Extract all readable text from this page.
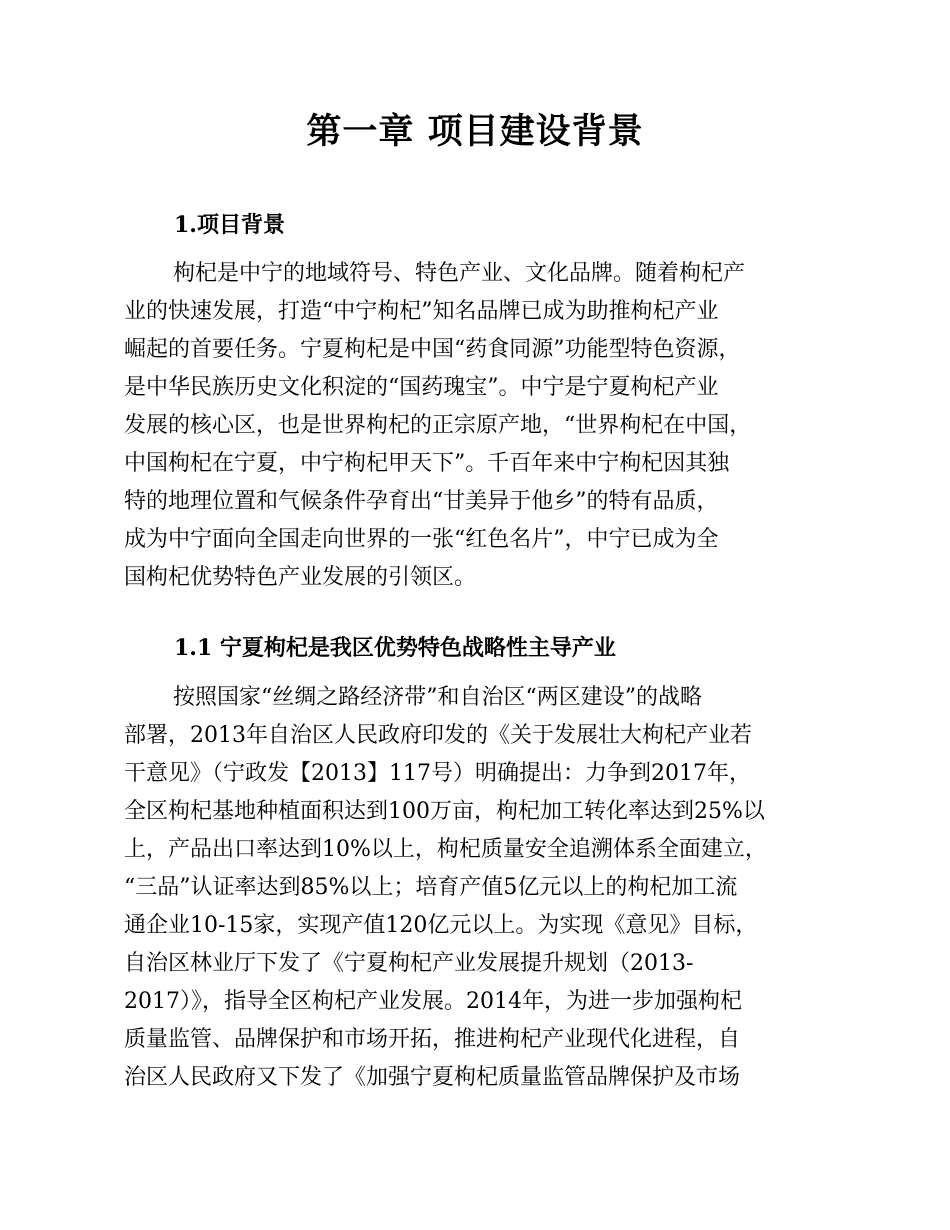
第一章 项目建设背景
1.项目背景
枸杞是中宁的地域符号、特色产业、文化品牌。随着枸杞产
业的快速发展，打造“中宁枸杞”知名品牌已成为助推枸杞产业
崛起的首要任务。宁夏枸杞是中国“药食同源”功能型特色资源，
是中华民族历史文化积淀的“国药瑰宝”。中宁是宁夏枸杞产业
发展的核心区，也是世界枸杞的正宗原产地，“世界枸杞在中国，
中国枸杞在宁夏，中宁枸杞甲天下”。千百年来中宁枸杞因其独
特的地理位置和气候条件孕育出“甘美异于他乡”的特有品质，
成为中宁面向全国走向世界的一张“红色名片”，中宁已成为全
国枸杞优势特色产业发展的引领区。
1.1 宁夏枸杞是我区优势特色战略性主导产业
按照国家“丝绸之路经济带”和自治区“两区建设”的战略
部署，2013年自治区人民政府印发的《关于发展壮大枸杞产业若
干意见》（宁政发【2013】117号）明确提出：力争到2017年，
全区枸杞基地种植面积达到100万亩，枸杞加工转化率达到25%以
上，产品出口率达到10%以上，枸杞质量安全追溯体系全面建立，
“三品”认证率达到85%以上；培育产值5亿元以上的枸杞加工流
通企业10-15家，实现产值120亿元以上。为实现《意见》目标，
自治区林业厅下发了《宁夏枸杞产业发展提升规划（2013-
2017）》，指导全区枸杞产业发展。2014年，为进一步加强枸杞
质量监管、品牌保护和市场开拓，推进枸杞产业现代化进程，自
治区人民政府又下发了《加强宁夏枸杞质量监管品牌保护及市场
